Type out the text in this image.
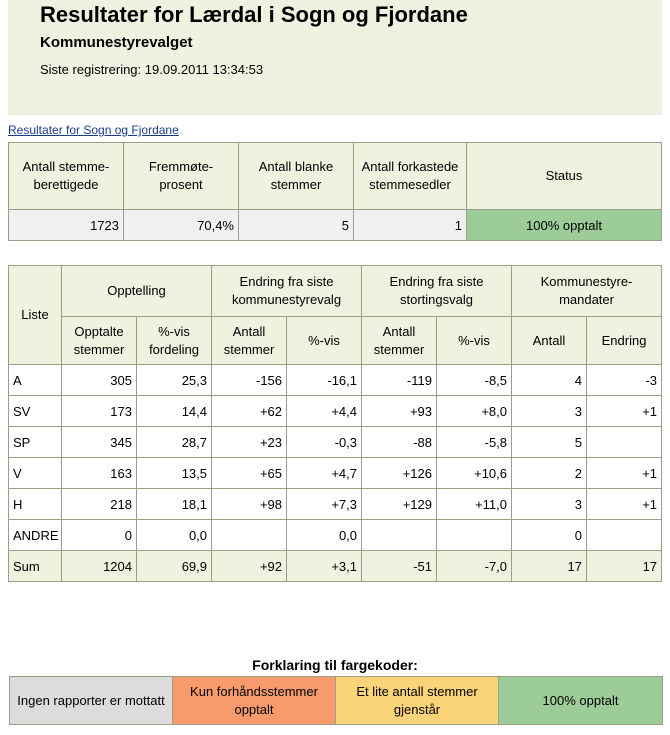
Resultater for Lærdal i Sogn og Fjordane
Kommunestyrevalget
Siste registrering: 19.09.2011 13:34:53
Resultater for Sogn og Fjordane
Antall stemme-berettigede	Fremmøte-prosent	Antall blanke stemmer	Antall forkastede stemmesedler	Status
1723	70,4%	5	1	100% opptalt
Liste	Opptelling		Endring fra siste kommunestyrevalg		Endring fra siste stortingsvalg		Kommunestyre-mandater	
	Opptalte stemmer	%-vis fordeling	Antall stemmer	%-vis	Antall stemmer	%-vis	Antall	Endring
A	305	25,3	-156	-16,1	-119	-8,5	4	-3
SV	173	14,4	+62	+4,4	+93	+8,0	3	+1
SP	345	28,7	+23	-0,3	-88	-5,8	5	
V	163	13,5	+65	+4,7	+126	+10,6	2	+1
H	218	18,1	+98	+7,3	+129	+11,0	3	+1
ANDRE	0	0,0		0,0			0	
Sum	1204	69,9	+92	+3,1	-51	-7,0	17	17
Forklaring til fargekoder:
Ingen rapporter er mottatt	Kun forhåndsstemmer opptalt	Et lite antall stemmer gjenstår	100% opptalt
